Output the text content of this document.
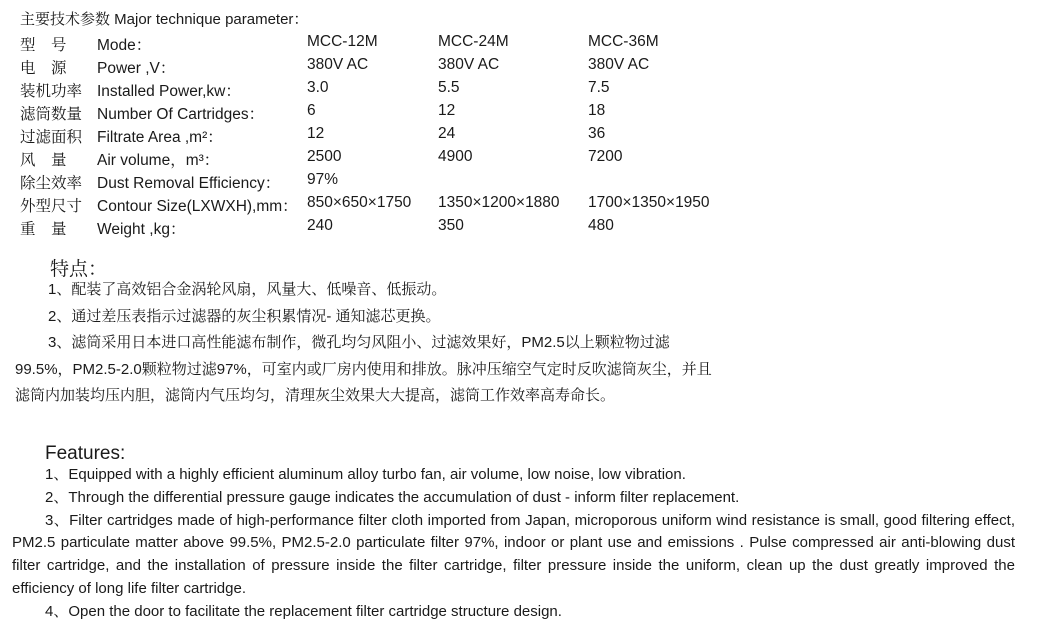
主要技术参数 Major technique parameter：
型　号 Mode：	MCC-12M	MCC-24M	MCC-36M
电　源 Power ,V：	380V AC	380V AC	380V AC
装机功率 Installed Power,kw：	3.0	5.5	7.5
滤筒数量 Number Of Cartridges：	6	12	18
过滤面积 Filtrate Area ,m²：	12	24	36
风　量 Air volume，m³：	2500	4900	7200
除尘效率 Dust Removal Efficiency： 97%
外型尺寸 Contour Size(LXWXH),mm： 850×650×1750 1350×1200×1880 1700×1350×1950
重　量 Weight ,kg：	240	350	480
特点：

1、配装了高效铝合金涡轮风扇，风量大、低噪音、低振动。

2、通过差压表指示过滤器的灰尘积累情况- 通知滤芯更换。

3、滤筒采用日本进口高性能滤布制作，微孔均匀风阻小、过滤效果好，PM2.5以上颗粒物过滤99.5%，PM2.5-2.0颗粒物过滤97%，可室内或厂房内使用和排放。脉冲压缩空气定时反吹滤筒灰尘，并且滤筒内加装均压内胆，滤筒内气压均匀，清理灰尘效果大大提高，滤筒工作效率高寿命长。

Features:

1、Equipped with a highly efficient aluminum alloy turbo fan, air volume, low noise, low vibration.

2、Through the differential pressure gauge indicates the accumulation of dust - inform filter replacement.

3、Filter cartridges made of high-performance filter cloth imported from Japan, microporous uniform wind resistance is small, good filtering effect, PM2.5 particulate matter above 99.5%, PM2.5-2.0 particulate filter 97%, indoor or plant use and emissions . Pulse compressed air anti-blowing dust filter cartridge, and the installation of pressure inside the filter cartridge, filter pressure inside the uniform, clean up the dust greatly improved the efficiency of long life filter cartridge.

4、Open the door to facilitate the replacement filter cartridge structure design.
